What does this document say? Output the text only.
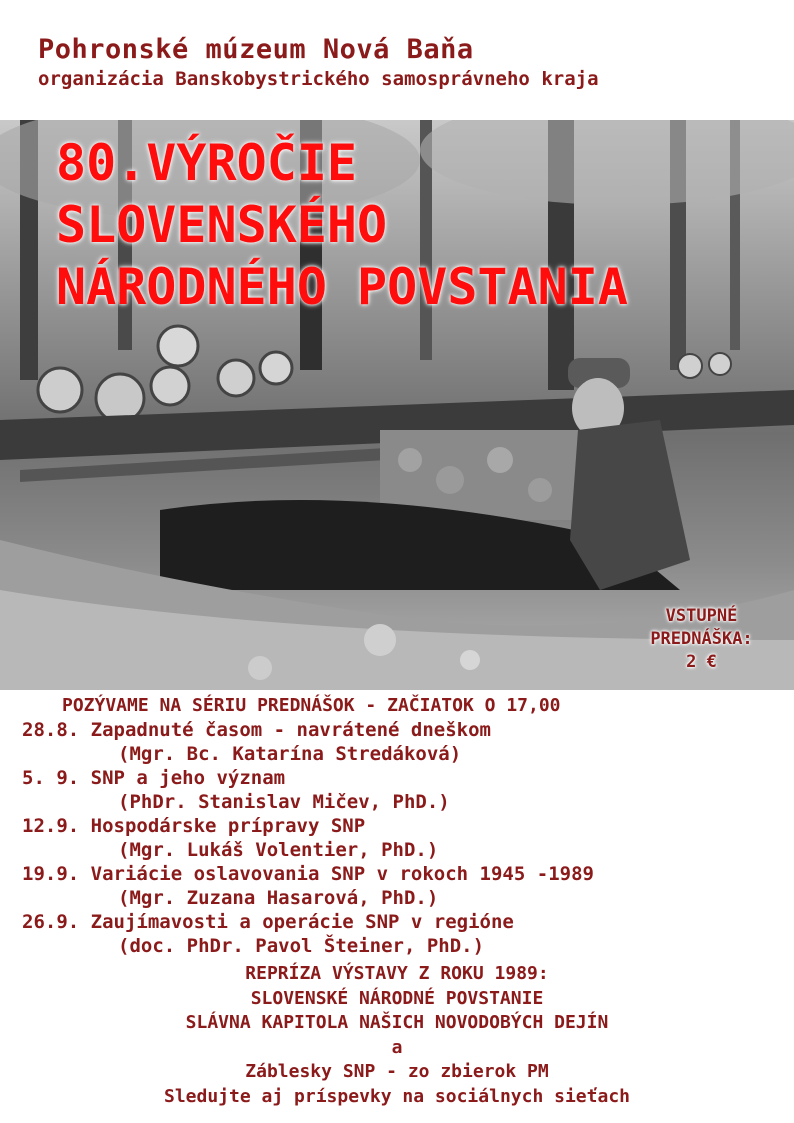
Pohronské múzeum Nová Baňa
organizácia Banskobystrického samosprávneho kraja
80.VÝROČIE
SLOVENSKÉHO
NÁRODNÉHO POVSTANIA
VSTUPNÉ
PREDNÁŠKA:
2 €
POZÝVAME NA SÉRIU PREDNÁŠOK - ZAČIATOK O 17,00
28.8. Zapadnuté časom - navrátené dneškom
(Mgr. Bc. Katarína Stredáková)
5. 9. SNP a jeho význam
(PhDr. Stanislav Mičev, PhD.)
12.9. Hospodárske prípravy SNP
(Mgr. Lukáš Volentier, PhD.)
19.9. Variácie oslavovania SNP v rokoch 1945 -1989
(Mgr. Zuzana Hasarová, PhD.)
26.9. Zaujímavosti a operácie SNP v regióne
(doc. PhDr. Pavol Šteiner, PhD.)
REPRÍZA VÝSTAVY Z ROKU 1989:
SLOVENSKÉ NÁRODNÉ POVSTANIE
SLÁVNA KAPITOLA NAŠICH NOVODOBÝCH DEJÍN
a
Záblesky SNP - zo zbierok PM
Sledujte aj príspevky na sociálnych sieťach
